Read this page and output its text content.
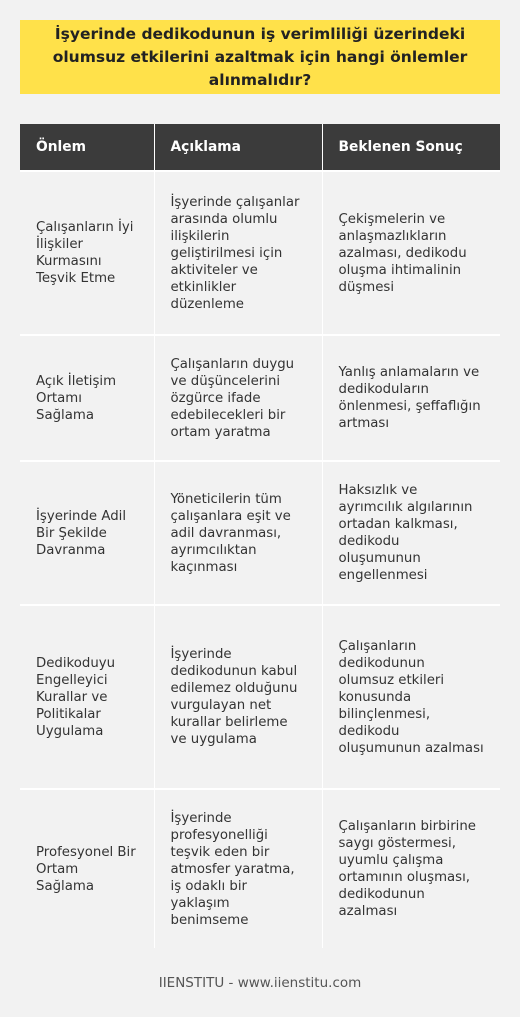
İşyerinde dedikodunun iş verimliliği üzerindeki olumsuz etkilerini azaltmak için hangi önlemler alınmalıdır?
Önlem	Açıklama	Beklenen Sonuç
Çalışanların İyi İlişkiler Kurmasını Teşvik Etme	İşyerinde çalışanlar arasında olumlu ilişkilerin geliştirilmesi için aktiviteler ve etkinlikler düzenleme	Çekişmelerin ve anlaşmazlıkların azalması, dedikodu oluşma ihtimalinin düşmesi
Açık İletişim Ortamı Sağlama	Çalışanların duygu ve düşüncelerini özgürce ifade edebilecekleri bir ortam yaratma	Yanlış anlamaların ve dedikoduların önlenmesi, şeffaflığın artması
İşyerinde Adil Bir Şekilde Davranma	Yöneticilerin tüm çalışanlara eşit ve adil davranması, ayrımcılıktan kaçınması	Haksızlık ve ayrımcılık algılarının ortadan kalkması, dedikodu oluşumunun engellenmesi
Dedikoduyu Engelleyici Kurallar ve Politikalar Uygulama	İşyerinde dedikodunun kabul edilemez olduğunu vurgulayan net kurallar belirleme ve uygulama	Çalışanların dedikodunun olumsuz etkileri konusunda bilinçlenmesi, dedikodu oluşumunun azalması
Profesyonel Bir Ortam Sağlama	İşyerinde profesyonelliği teşvik eden bir atmosfer yaratma, iş odaklı bir yaklaşım benimseme	Çalışanların birbirine saygı göstermesi, uyumlu çalışma ortamının oluşması, dedikodunun azalması
IIENSTITU - www.iienstitu.com
